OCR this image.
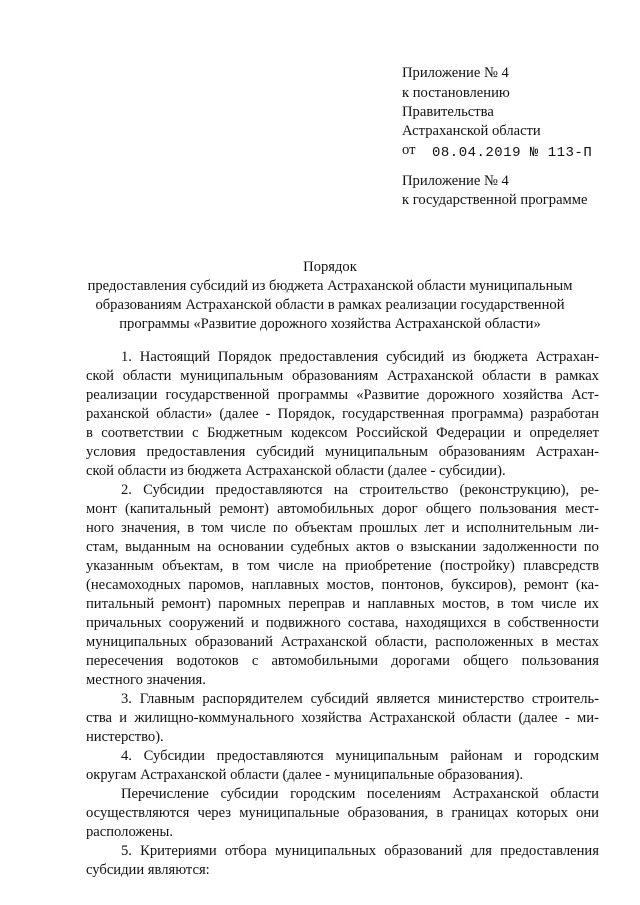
Приложение № 4
к постановлению
Правительства
Астраханской области
от 08.04.2019 № 113-П
Приложение № 4
к государственной программе
Порядок
предоставления субсидий из бюджета Астраханской области муниципальным
образованиям Астраханской области в рамках реализации государственной
программы «Развитие дорожного хозяйства Астраханской области»
1. Настоящий Порядок предоставления субсидий из бюджета Астрахан-
ской области муниципальным образованиям Астраханской области в рамках
реализации государственной программы «Развитие дорожного хозяйства Аст-
раханской области» (далее - Порядок, государственная программа) разработан
в соответствии с Бюджетным кодексом Российской Федерации и определяет
условия предоставления субсидий муниципальным образованиям Астрахан-
ской области из бюджета Астраханской области (далее - субсидии).
2. Субсидии предоставляются на строительство (реконструкцию), ре-
монт (капитальный ремонт) автомобильных дорог общего пользования мест-
ного значения, в том числе по объектам прошлых лет и исполнительным ли-
стам, выданным на основании судебных актов о взыскании задолженности по
указанным объектам, в том числе на приобретение (постройку) плавсредств
(несамоходных паромов, наплавных мостов, понтонов, буксиров), ремонт (ка-
питальный ремонт) паромных переправ и наплавных мостов, в том числе их
причальных сооружений и подвижного состава, находящихся в собственности
муниципальных образований Астраханской области, расположенных в местах
пересечения водотоков с автомобильными дорогами общего пользования
местного значения.
3. Главным распорядителем субсидий является министерство строитель-
ства и жилищно-коммунального хозяйства Астраханской области (далее - ми-
нистерство).
4. Субсидии предоставляются муниципальным районам и городским
округам Астраханской области (далее - муниципальные образования).
Перечисление субсидии городским поселениям Астраханской области
осуществляются через муниципальные образования, в границах которых они
расположены.
5. Критериями отбора муниципальных образований для предоставления
субсидии являются:
